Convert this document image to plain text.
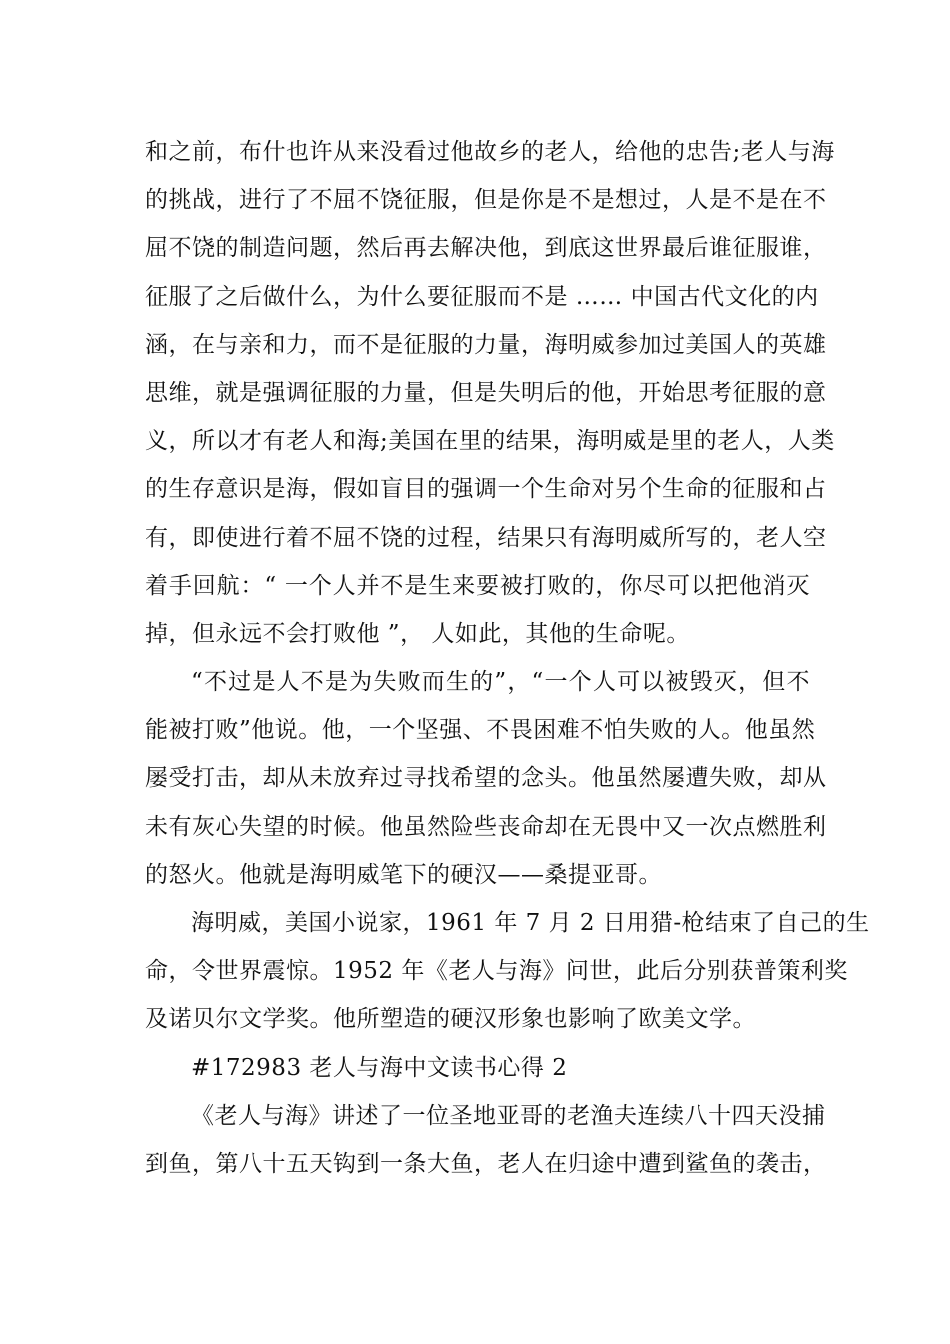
和之前，布什也许从来没看过他故乡的老人，给他的忠告;老人与海
的挑战，进行了不屈不饶征服，但是你是不是想过，人是不是在不
屈不饶的制造问题，然后再去解决他，到底这世界最后谁征服谁，
征服了之后做什么，为什么要征服而不是 …… 中国古代文化的内
涵，在与亲和力，而不是征服的力量，海明威参加过美国人的英雄
思维，就是强调征服的力量，但是失明后的他，开始思考征服的意
义，所以才有老人和海;美国在里的结果，海明威是里的老人，人类
的生存意识是海，假如盲目的强调一个生命对另个生命的征服和占
有，即使进行着不屈不饶的过程，结果只有海明威所写的，老人空
着手回航：“ 一个人并不是生来要被打败的，你尽可以把他消灭
掉，但永远不会打败他 ”， 人如此，其他的生命呢。
“不过是人不是为失败而生的”，“一个人可以被毁灭，但不
能被打败”他说。他，一个坚强、不畏困难不怕失败的人。他虽然
屡受打击，却从未放弃过寻找希望的念头。他虽然屡遭失败，却从
未有灰心失望的时候。他虽然险些丧命却在无畏中又一次点燃胜利
的怒火。他就是海明威笔下的硬汉——桑提亚哥。
海明威，美国小说家，1961 年 7 月 2 日用猎-枪结束了自己的生
命，令世界震惊。1952 年《老人与海》问世，此后分别获普策利奖
及诺贝尔文学奖。他所塑造的硬汉形象也影响了欧美文学。
#172983 老人与海中文读书心得 2
《老人与海》讲述了一位圣地亚哥的老渔夫连续八十四天没捕
到鱼，第八十五天钩到一条大鱼，老人在归途中遭到鲨鱼的袭击，
